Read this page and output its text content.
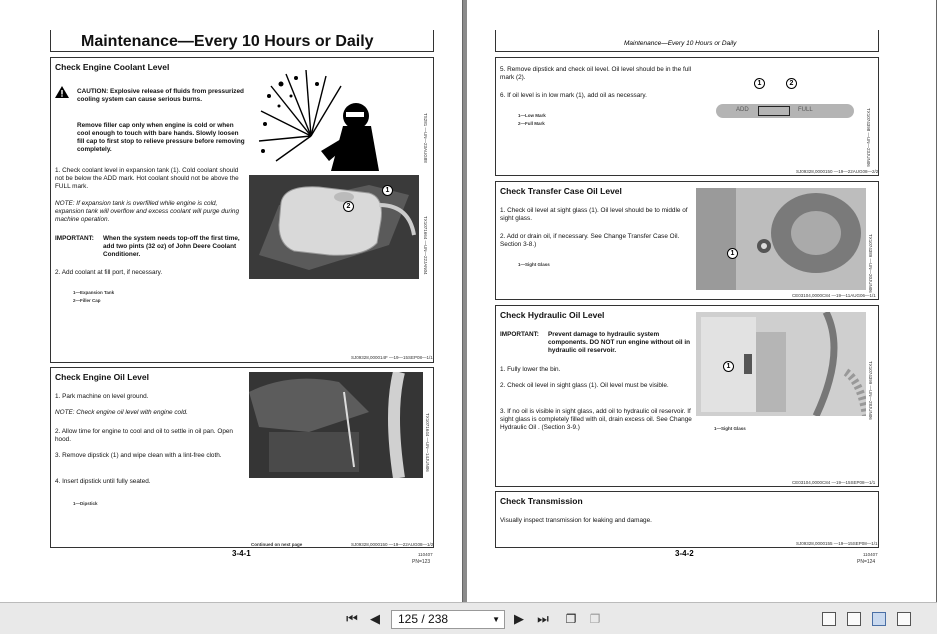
Maintenance—Every 10 Hours or Daily
Check Engine Coolant Level
CAUTION: Explosive release of fluids from pressurized cooling system can cause serious burns.
Remove filler cap only when engine is cold or when cool enough to touch with bare hands. Slowly loosen fill cap to first stop to relieve pressure before removing completely.
1. Check coolant level in expansion tank (1). Cold coolant should not be below the ADD mark. Hot coolant should not be above the FULL mark.
NOTE: If expansion tank is overfilled while engine is cold, expansion tank will overflow and excess coolant will purge during machine operation.
IMPORTANT: When the system needs top-off the first time, add two pints (32 oz) of John Deere Coolant Conditioner.
2. Add coolant at fill port, if necessary.
1—Expansion Tank
2—Filler Cap
TS281 —UN—23AUG88
1
2
TX1071664 —UN—22JAN04
SJ09328,000014F —19—15SEP08—1/1
Check Engine Oil Level
1. Park machine on level ground.
NOTE: Check engine oil level with engine cold.
2. Allow time for engine to cool and oil to settle in oil pan. Open hood.
3. Remove dipstick (1) and wipe clean with a lint-free cloth.
4. Insert dipstick until fully seated.
1—Dipstick
TX1071644 —UN—14JUN06
Continued on next page	SJ09328,0000150 —19—22AUG08—1/2
3-4-1	110407
PN=123
Maintenance—Every 10 Hours or Daily
5. Remove dipstick and check oil level. Oil level should be in the full mark (2).
6. If oil level is in low mark (1), add oil as necessary.
1—Low Mark
2—Full Mark
ADD	FULL
1	2
TX1074398 —UN—23JUN06
SJ09328,0000150 —19—22AUG08—2/2
Check Transfer Case Oil Level
1. Check oil level at sight glass (1). Oil level should be to middle of sight glass.
2. Add or drain oil, if necessary. See Change Transfer Case Oil. Section 3-8.)
1—Sight Glass
1	TX1074389 —UN—20JUN06
CE03104,0000C84 —19—11AUG06—1/1
Check Hydraulic Oil Level
IMPORTANT: Prevent damage to hydraulic system components. DO NOT run engine without oil in hydraulic oil reservoir.
1. Fully lower the bin.
2. Check oil level in sight glass (1). Oil level must be visible.
3. If no oil is visible in sight glass, add oil to hydraulic oil reservoir. If sight glass is completely filled with oil, drain excess oil. See Change Hydraulic Oil . (Section 3-9.)	1—Sight Glass
1	TX1074399 —UN—28JUN06
CE03104,0000C84 —19—15SEP08—1/1
Check Transmission
Visually inspect transmission for leaking and damage.
SJ09328,0000155 —19—15SEP08—1/1
3-4-2	110407
PN=124
⏮ ◀	125 / 238	▼	▶	⏭	❐	❐
